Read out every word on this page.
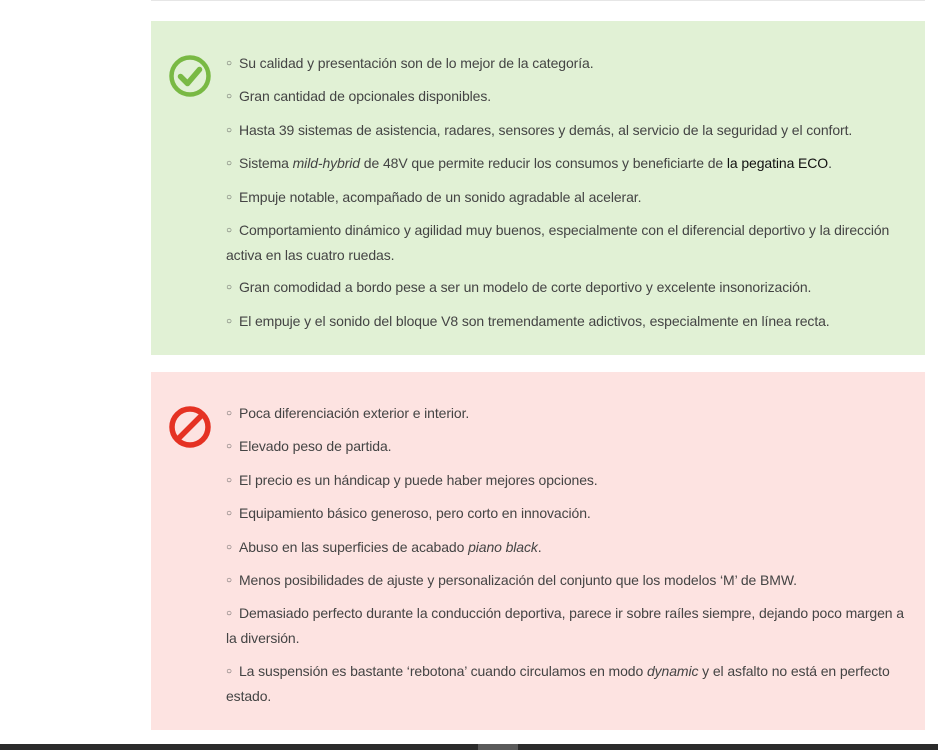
○ Su calidad y presentación son de lo mejor de la categoría.

○ Gran cantidad de opcionales disponibles.

○ Hasta 39 sistemas de asistencia, radares, sensores y demás, al servicio de la seguridad y el confort.

○ Sistema mild-hybrid de 48V que permite reducir los consumos y beneficiarte de la pegatina ECO.

○ Empuje notable, acompañado de un sonido agradable al acelerar.

○ Comportamiento dinámico y agilidad muy buenos, especialmente con el diferencial deportivo y la dirección activa en las cuatro ruedas.

○ Gran comodidad a bordo pese a ser un modelo de corte deportivo y excelente insonorización.

○ El empuje y el sonido del bloque V8 son tremendamente adictivos, especialmente en línea recta.

○ Poca diferenciación exterior e interior.

○ Elevado peso de partida.

○ El precio es un hándicap y puede haber mejores opciones.

○ Equipamiento básico generoso, pero corto en innovación.

○ Abuso en las superficies de acabado piano black.

○ Menos posibilidades de ajuste y personalización del conjunto que los modelos ‘M’ de BMW.

○ Demasiado perfecto durante la conducción deportiva, parece ir sobre raíles siempre, dejando poco margen a la diversión.

○ La suspensión es bastante ‘rebotona’ cuando circulamos en modo dynamic y el asfalto no está en perfecto estado.
